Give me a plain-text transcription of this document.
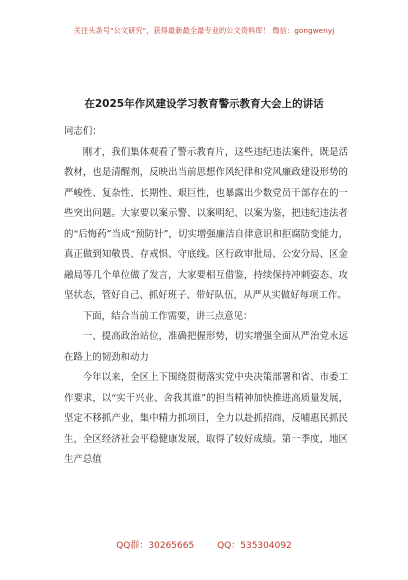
关注头条号"公文研究"，获得最新最全最专业的公文资料库！ 微信：gongwenyj
在2025年作风建设学习教育警示教育大会上的讲话

同志们：

刚才，我们集体观看了警示教育片，这些违纪违法案件，既是活教材，也是清醒剂，反映出当前思想作风纪律和党风廉政建设形势的严峻性、复杂性、长期性、艰巨性，也暴露出少数党员干部存在的一些突出问题。大家要以案示警、以案明纪、以案为鉴，把违纪违法者的“后悔药”当成“预防针”，切实增强廉洁自律意识和拒腐防变能力，真正做到知敬畏、存戒惧、守底线。区行政审批局、公安分局、区金融局等几个单位做了发言，大家要相互借鉴，持续保持冲刺姿态、攻坚状态，管好自己、抓好班子、带好队伍，从严从实做好每项工作。

下面，结合当前工作需要，讲三点意见：

一、提高政治站位，准确把握形势，切实增强全面从严治党永远在路上的韧劲和动力

今年以来，全区上下围绕贯彻落实党中央决策部署和省、市委工作要求，以“实干兴业、舍我其谁”的担当精神加快推进高质量发展，坚定不移抓产业，集中精力抓项目，全力以赴抓招商，反哺惠民抓民生，全区经济社会平稳健康发展，取得了较好成绩。第一季度，地区生产总值

QQ群：30265665	QQ：535304092
